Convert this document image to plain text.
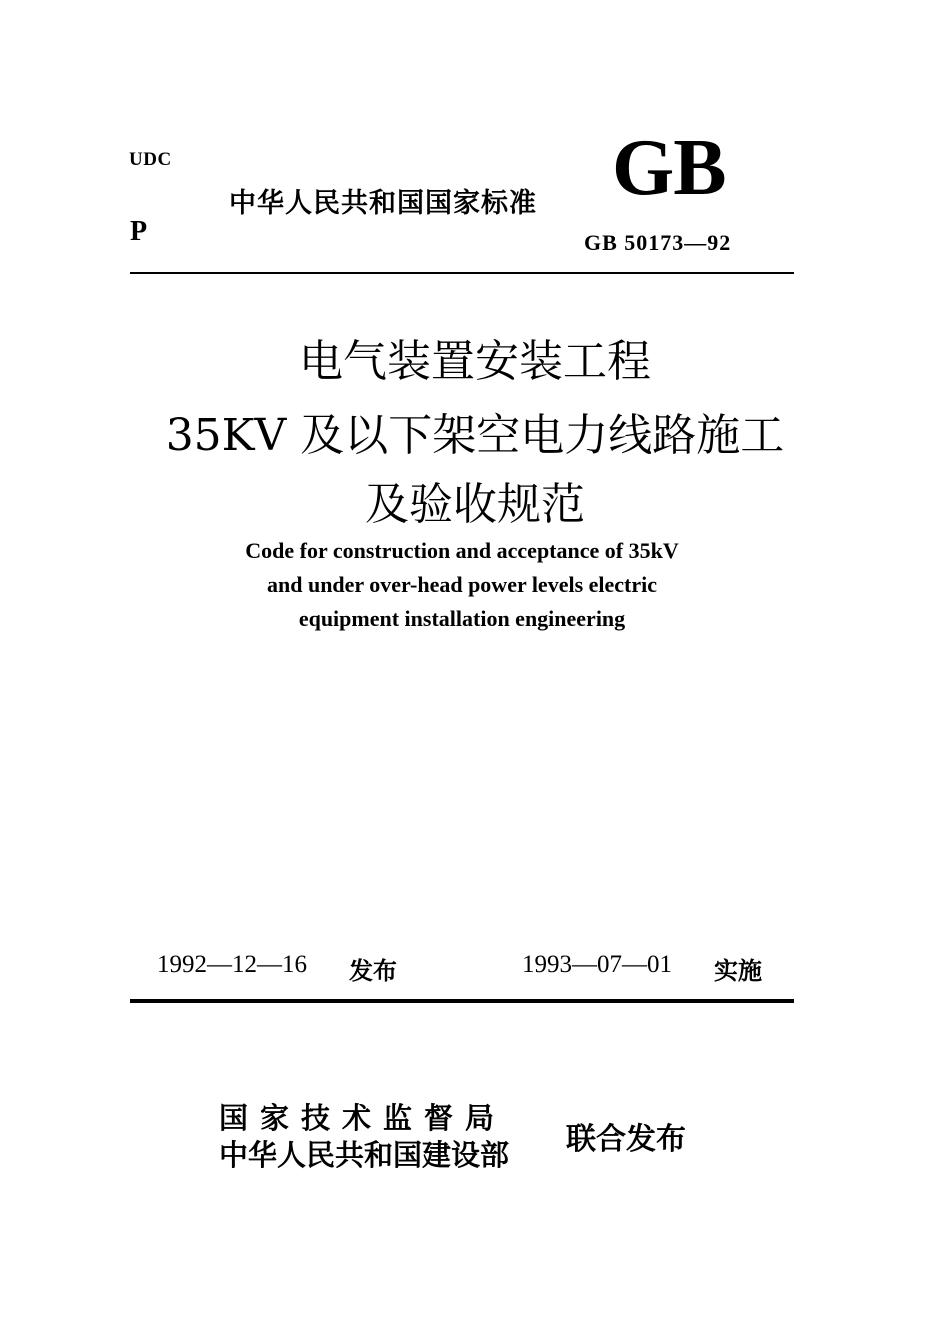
UDC
P
中华人民共和国国家标准 GB
GB 50173—92
电气装置安装工程
35KV 及以下架空电力线路施工
及验收规范
Code for construction and acceptance of 35kV
and under over-head power levels electric
equipment installation engineering
1992—12—16 发布	1993—07—01 实施
国家技术监督局
中华人民共和国建设部 联合发布
